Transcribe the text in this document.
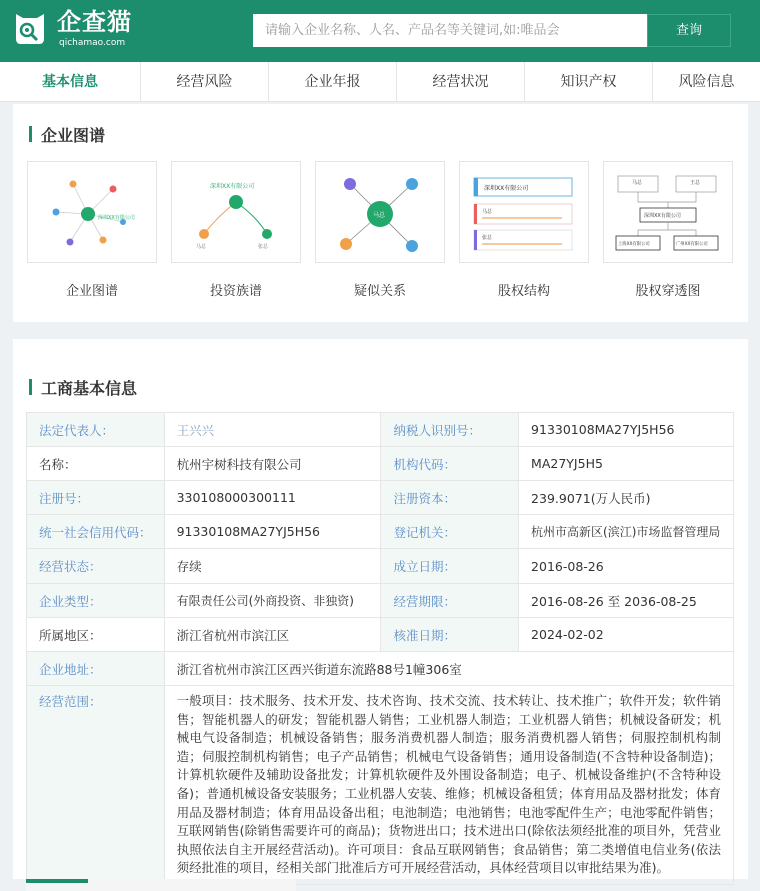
企查猫
qichamao.com
请输入企业名称、人名、产品名等关键词,如:唯品会	查询
基本信息	经营风险	企业年报	经营状况	知识产权	风险信息
企业图谱
深圳XX有限公司
企业图谱
深圳XX有限公司
马总	张总
投资族谱
马总
疑似关系
深圳XX有限公司
马总
张总
股权结构
马总	王总
深圳XX有限公司
上海XX有限公司	广州XX有限公司
股权穿透图
工商基本信息
法定代表人：	王兴兴	纳税人识别号：	91330108MA27YJ5H56
名称：	杭州宇树科技有限公司	机构代码：	MA27YJ5H5
注册号：	330108000300111	注册资本：	239.9071(万人民币)
统一社会信用代码：	91330108MA27YJ5H56	登记机关：	杭州市高新区(滨江)市场监督管理局
经营状态：	存续	成立日期：	2016-08-26
企业类型：	有限责任公司(外商投资、非独资)	经营期限：	2016-08-26 至 2036-08-25
所属地区：	浙江省杭州市滨江区	核准日期：	2024-02-02
企业地址：	浙江省杭州市滨江区西兴街道东流路88号1幢306室		
经营范围：	一般项目：技术服务、技术开发、技术咨询、技术交流、技术转让、技术推广；软件开发；软件销售；智能机器人的研发；智能机器人销售；工业机器人制造；工业机器人销售；机械设备研发；机械电气设备制造；机械设备销售；服务消费机器人制造；服务消费机器人销售；伺服控制机构制造；伺服控制机构销售；电子产品销售；机械电气设备销售；通用设备制造(不含特种设备制造)；计算机软硬件及辅助设备批发；计算机软硬件及外围设备制造；电子、机械设备维护(不含特种设备)；普通机械设备安装服务；工业机器人安装、维修；机械设备租赁；体育用品及器材批发；体育用品及器材制造；体育用品设备出租；电池制造；电池销售；电池零配件生产；电池零配件销售；互联网销售(除销售需要许可的商品)；货物进出口；技术进出口(除依法须经批准的项目外，凭营业执照依法自主开展经营活动)。许可项目：食品互联网销售；食品销售；第二类增值电信业务(依法须经批准的项目，经相关部门批准后方可开展经营活动，具体经营项目以审批结果为准)。		
